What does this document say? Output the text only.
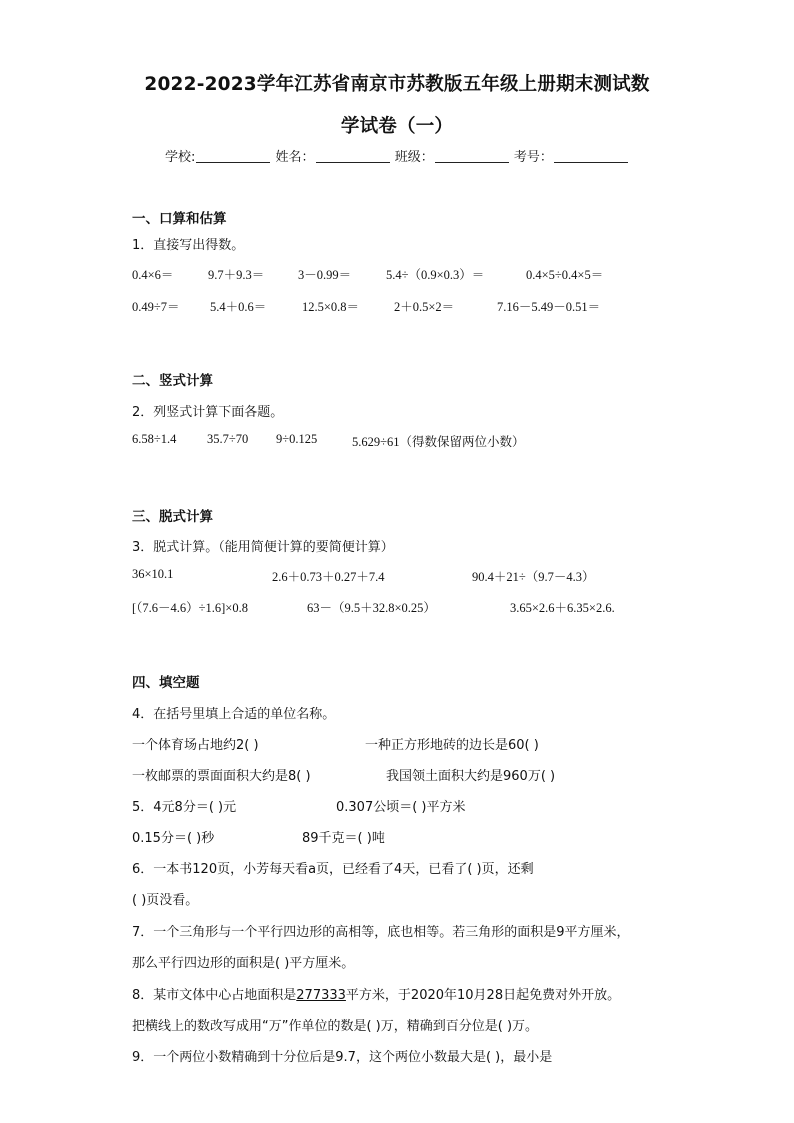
2022-2023学年江苏省南京市苏教版五年级上册期末测试数
学试卷（一）
学校:	姓名：	班级：	考号：
一、口算和估算
1．直接写出得数。
0.4×6＝	9.7＋9.3＝	3－0.99＝	5.4÷（0.9×0.3）＝	0.4×5÷0.4×5＝
0.49÷7＝ 5.4＋0.6＝	12.5×0.8＝	2＋0.5×2＝	7.16－5.49－0.51＝
二、竖式计算
2．列竖式计算下面各题。
6.58÷1.4 35.7÷70 9÷0.125	5.629÷61（得数保留两位小数）
三、脱式计算
3．脱式计算。（能用简便计算的要简便计算）
36×10.1	2.6＋0.73＋0.27＋7.4	90.4＋21÷（9.7－4.3）
[（7.6－4.6）÷1.6]×0.8	63－（9.5＋32.8×0.25）	3.65×2.6＋6.35×2.6.
四、填空题
4．在括号里填上合适的单位名称。
一个体育场占地约2( )	一种正方形地砖的边长是60( )
一枚邮票的票面面积大约是8( )	我国领土面积大约是960万( )
5．4元8分＝( )元	0.307公顷＝( )平方米
0.15分＝( )秒	89千克＝( )吨
6．一本书120页，小芳每天看a页，已经看了4天，已看了( )页，还剩
( )页没看。
7．一个三角形与一个平行四边形的高相等，底也相等。若三角形的面积是9平方厘米，
那么平行四边形的面积是( )平方厘米。
8．某市文体中心占地面积是277333平方米，于2020年10月28日起免费对外开放。
把横线上的数改写成用“万”作单位的数是( )万，精确到百分位是( )万。
9．一个两位小数精确到十分位后是9.7，这个两位小数最大是( )，最小是
